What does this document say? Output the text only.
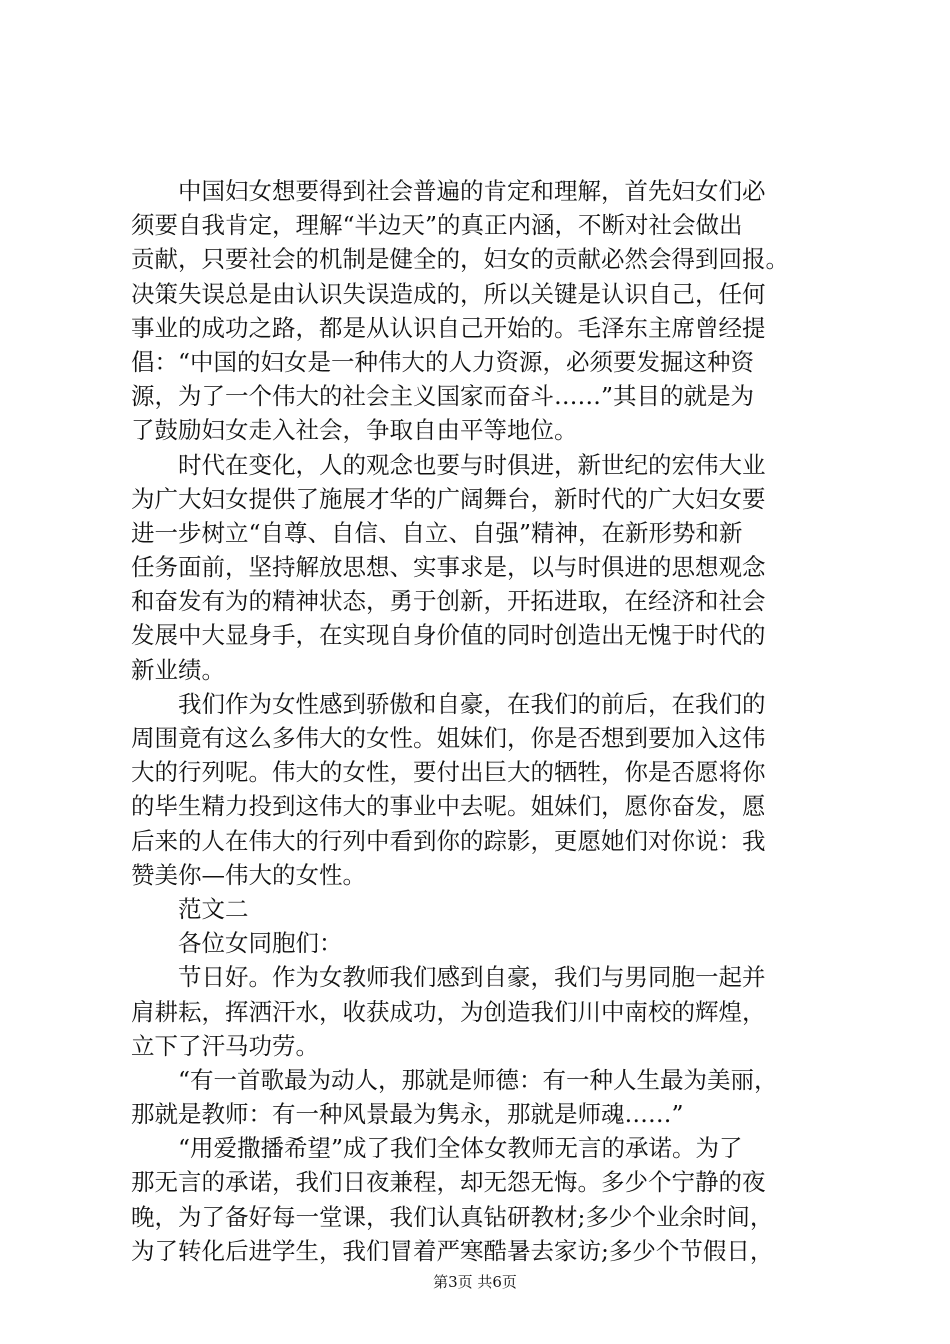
　　中国妇女想要得到社会普遍的肯定和理解，首先妇女们必
须要自我肯定，理解“半边天”的真正内涵，不断对社会做出
贡献，只要社会的机制是健全的，妇女的贡献必然会得到回报。
决策失误总是由认识失误造成的，所以关键是认识自己，任何
事业的成功之路，都是从认识自己开始的。毛泽东主席曾经提
倡：“中国的妇女是一种伟大的人力资源，必须要发掘这种资
源，为了一个伟大的社会主义国家而奋斗……”其目的就是为
了鼓励妇女走入社会，争取自由平等地位。
　　时代在变化，人的观念也要与时俱进，新世纪的宏伟大业
为广大妇女提供了施展才华的广阔舞台，新时代的广大妇女要
进一步树立“自尊、自信、自立、自强”精神，在新形势和新
任务面前，坚持解放思想、实事求是，以与时俱进的思想观念
和奋发有为的精神状态，勇于创新，开拓进取，在经济和社会
发展中大显身手，在实现自身价值的同时创造出无愧于时代的
新业绩。
　　我们作为女性感到骄傲和自豪，在我们的前后，在我们的
周围竟有这么多伟大的女性。姐妹们，你是否想到要加入这伟
大的行列呢。伟大的女性，要付出巨大的牺牲，你是否愿将你
的毕生精力投到这伟大的事业中去呢。姐妹们，愿你奋发，愿
后来的人在伟大的行列中看到你的踪影，更愿她们对你说：我
赞美你—伟大的女性。
　　范文二
　　各位女同胞们：
　　节日好。作为女教师我们感到自豪，我们与男同胞一起并
肩耕耘，挥洒汗水，收获成功，为创造我们川中南校的辉煌，
立下了汗马功劳。
　　“有一首歌最为动人，那就是师德：有一种人生最为美丽，
那就是教师：有一种风景最为隽永，那就是师魂……”
　　“用爱撒播希望”成了我们全体女教师无言的承诺。为了
那无言的承诺，我们日夜兼程，却无怨无悔。多少个宁静的夜
晚，为了备好每一堂课，我们认真钻研教材;多少个业余时间，
为了转化后进学生，我们冒着严寒酷暑去家访;多少个节假日，
第3页 共6页
